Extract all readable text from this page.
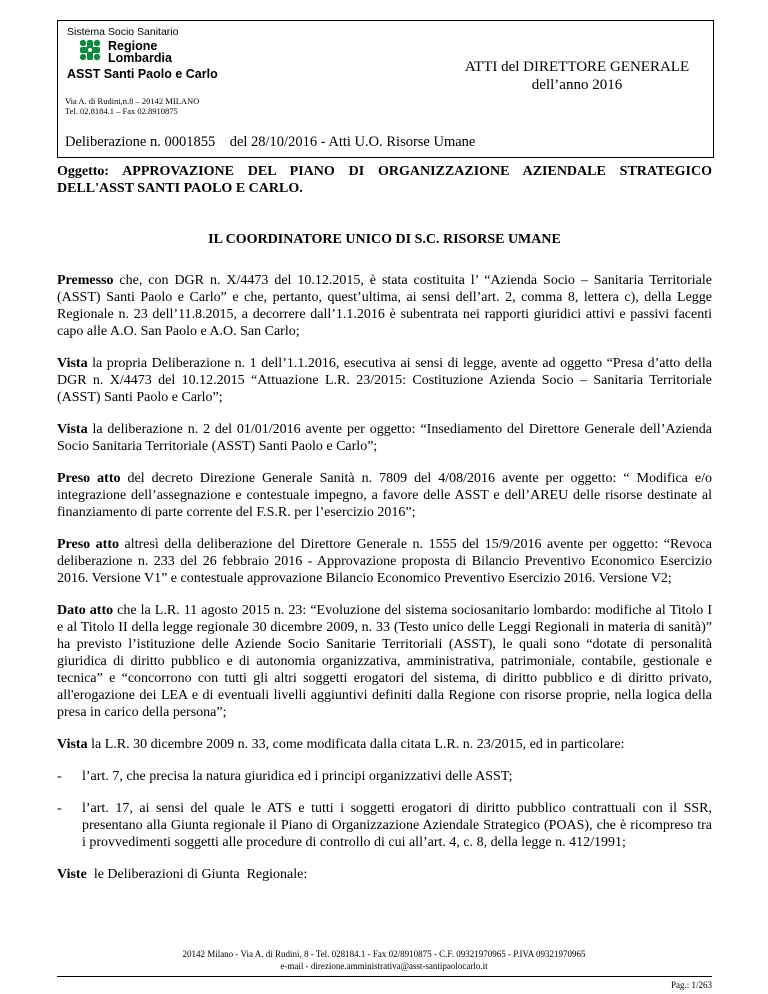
Sistema Socio Sanitario
Regione
Lombardia
ASST Santi Paolo e Carlo	ATTI del DIRETTORE GENERALE
dell’anno 2016
Via A. di Rudini,n.8 – 20142 MILANO
Tel. 02.8184.1 – Fax 02.8910875
Deliberazione n. 0001855    del 28/10/2016 - Atti U.O. Risorse Umane
Oggetto: APPROVAZIONE DEL PIANO DI ORGANIZZAZIONE AZIENDALE STRATEGICO DELL'ASST SANTI PAOLO E CARLO.
IL COORDINATORE UNICO DI S.C. RISORSE UMANE

Premesso che, con DGR n. X/4473 del 10.12.2015, è stata costituita l’ “Azienda Socio – Sanitaria Territoriale (ASST) Santi Paolo e Carlo” e che, pertanto, quest’ultima, ai sensi dell’art. 2, comma 8, lettera c), della Legge Regionale n. 23 dell’11.8.2015, a decorrere dall’1.1.2016 è subentrata nei rapporti giuridici attivi e passivi facenti capo alle A.O. San Paolo e A.O. San Carlo;

Vista la propria Deliberazione n. 1 dell’1.1.2016, esecutiva ai sensi di legge, avente ad oggetto “Presa d’atto della DGR n. X/4473 del 10.12.2015 “Attuazione L.R. 23/2015: Costituzione Azienda Socio – Sanitaria Territoriale (ASST) Santi Paolo e Carlo”;

Vista la deliberazione n. 2 del 01/01/2016 avente per oggetto: “Insediamento del Direttore Generale dell’Azienda Socio Sanitaria Territoriale (ASST) Santi Paolo e Carlo”;

Preso atto del decreto Direzione Generale Sanità n. 7809 del 4/08/2016 avente per oggetto: “ Modifica e/o integrazione dell’assegnazione e contestuale impegno, a favore delle ASST e dell’AREU delle risorse destinate al finanziamento di parte corrente del F.S.R. per l’esercizio 2016”;

Preso atto altresì della deliberazione del Direttore Generale n. 1555 del 15/9/2016 avente per oggetto: “Revoca deliberazione n. 233 del 26 febbraio 2016 - Approvazione proposta di Bilancio Preventivo Economico Esercizio 2016. Versione V1” e contestuale approvazione Bilancio Economico Preventivo Esercizio 2016. Versione V2;

Dato atto che la L.R. 11 agosto 2015 n. 23: “Evoluzione del sistema sociosanitario lombardo: modifiche al Titolo I e al Titolo II della legge regionale 30 dicembre 2009, n. 33 (Testo unico delle Leggi Regionali in materia di sanità)” ha previsto l’istituzione delle Aziende Socio Sanitarie Territoriali (ASST), le quali sono “dotate di personalità giuridica di diritto pubblico e di autonomia organizzativa, amministrativa, patrimoniale, contabile, gestionale e tecnica” e “concorrono con tutti gli altri soggetti erogatori del sistema, di diritto pubblico e di diritto privato, all'erogazione dei LEA e di eventuali livelli aggiuntivi definiti dalla Regione con risorse proprie, nella logica della presa in carico della persona”;

Vista la L.R. 30 dicembre 2009 n. 33, come modificata dalla citata L.R. n. 23/2015, ed in particolare:

- l’art. 7, che precisa la natura giuridica ed i principi organizzativi delle ASST;
- l’art. 17, ai sensi del quale le ATS e tutti i soggetti erogatori di diritto pubblico contrattuali con il SSR, presentano alla Giunta regionale il Piano di Organizzazione Aziendale Strategico (POAS), che è ricompreso tra i provvedimenti soggetti alle procedure di controllo di cui all’art. 4, c. 8, della legge n. 412/1991;

Viste  le Deliberazioni di Giunta  Regionale:

20142 Milano - Via A. di Rudinì, 8 - Tel. 028184.1 - Fax 02/8910875 - C.F. 09321970965 - P.IVA 09321970965
e-mail - direzione.amministrativa@asst-santipaolocarlo.it
Pag.: 1/263
